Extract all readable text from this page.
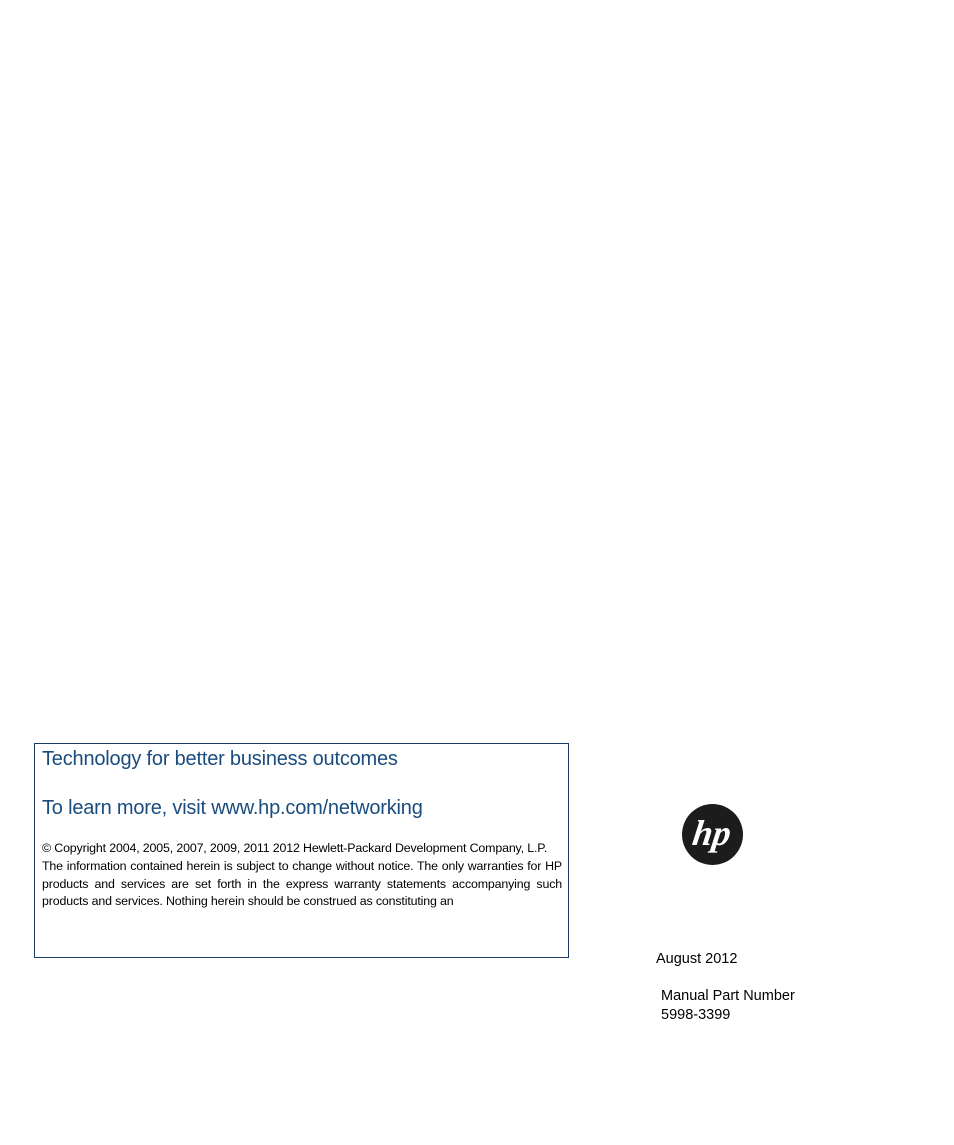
Technology for better business outcomes
To learn more, visit www.hp.com/networking

© Copyright 2004, 2005, 2007, 2009, 2011 2012 Hewlett-Packard Development Company, L.P.

The information contained herein is subject to change without notice. The only warranties for HP products and services are set forth in the express warranty statements accompanying such products and services. Nothing herein should be construed as constituting an

hp
August 2012
Manual Part Number
5998-3399
